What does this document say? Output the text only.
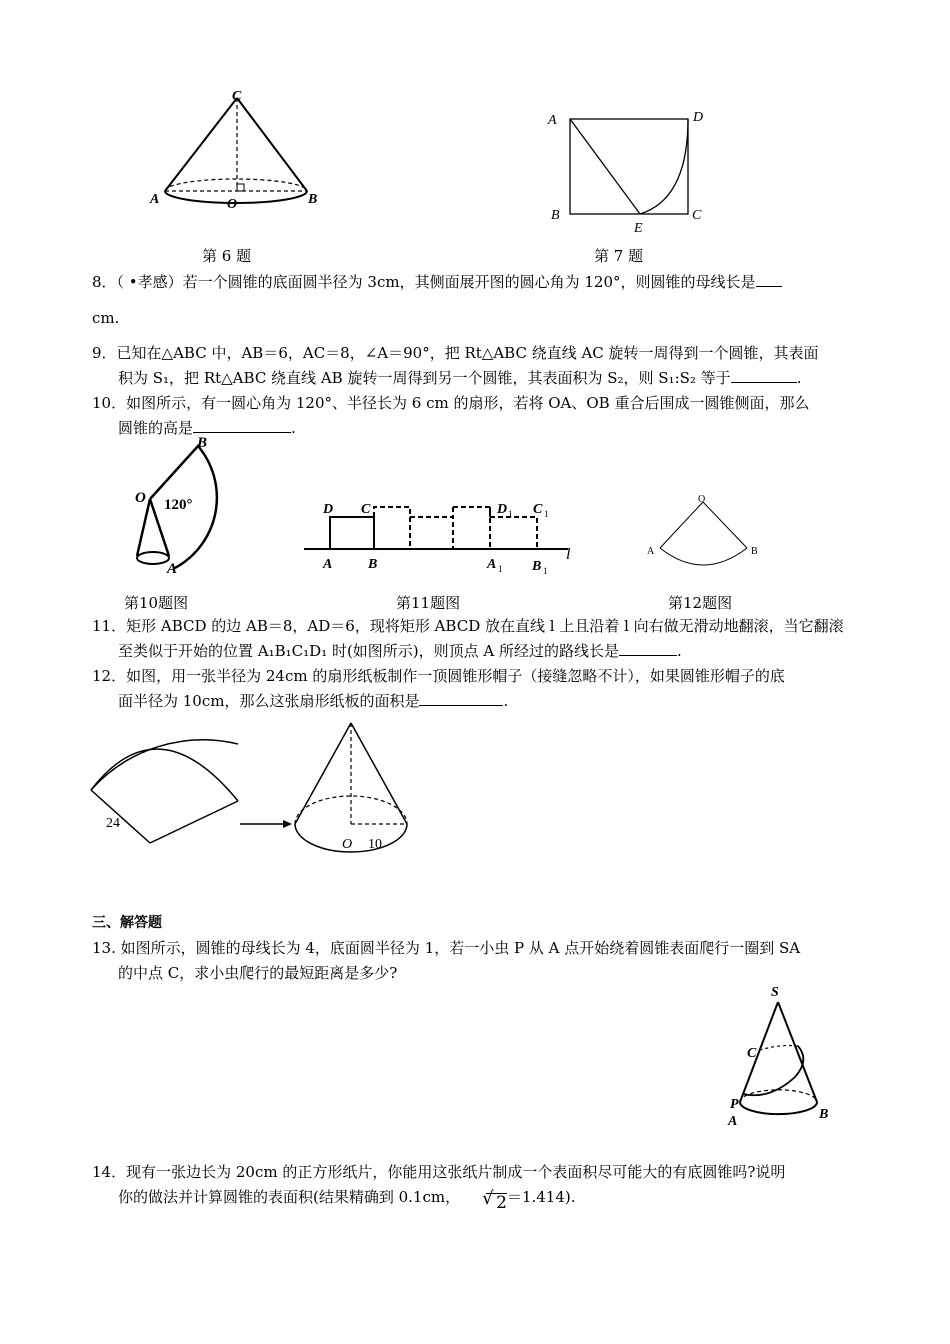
C
A	O	B
第 6 题
A	D
B
E
C
第 7 题
8．（ •孝感）若一个圆锥的底面圆半径为 3cm，其侧面展开图的圆心角为 120°，则圆锥的母线长是
cm.
9．已知在△ABC 中，AB＝6，AC＝8，∠A＝90°，把 Rt△ABC 绕直线 AC 旋转一周得到一个圆锥，其表面
积为 S₁，把 Rt△ABC 绕直线 AB 旋转一周得到另一个圆锥，其表面积为 S₂，则 S₁:S₂ 等于	.
10．如图所示，有一圆心角为 120°、半径长为 6 cm 的扇形，若将 OA、OB 重合后围成一圆锥侧面，那么
圆锥的高是	.
B
O 120°
A
第10题图
D C	D 1 C 1
A	B	A 1 B 1
l
第11题图
O
A	B
第12题图
11．矩形 ABCD 的边 AB＝8，AD＝6，现将矩形 ABCD 放在直线 l 上且沿着 l 向右做无滑动地翻滚，当它翻滚
至类似于开始的位置 A₁B₁C₁D₁ 时(如图所示)，则顶点 A 所经过的路线长是	.
12．如图，用一张半径为 24cm 的扇形纸板制作一顶圆锥形帽子（接缝忽略不计），如果圆锥形帽子的底
面半径为 10cm，那么这张扇形纸板的面积是	.
24
O 10
三、解答题
13. 如图所示，圆锥的母线长为 4，底面圆半径为 1，若一小虫 P 从 A 点开始绕着圆锥表面爬行一圈到 SA
的中点 C，求小虫爬行的最短距离是多少?
S
C
P
A	B
14．现有一张边长为 20cm 的正方形纸片，你能用这张纸片制成一个表面积尽可能大的有底圆锥吗?说明
你的做法并计算圆锥的表面积(结果精确到 0.1cm， √ 2＝1.414).
